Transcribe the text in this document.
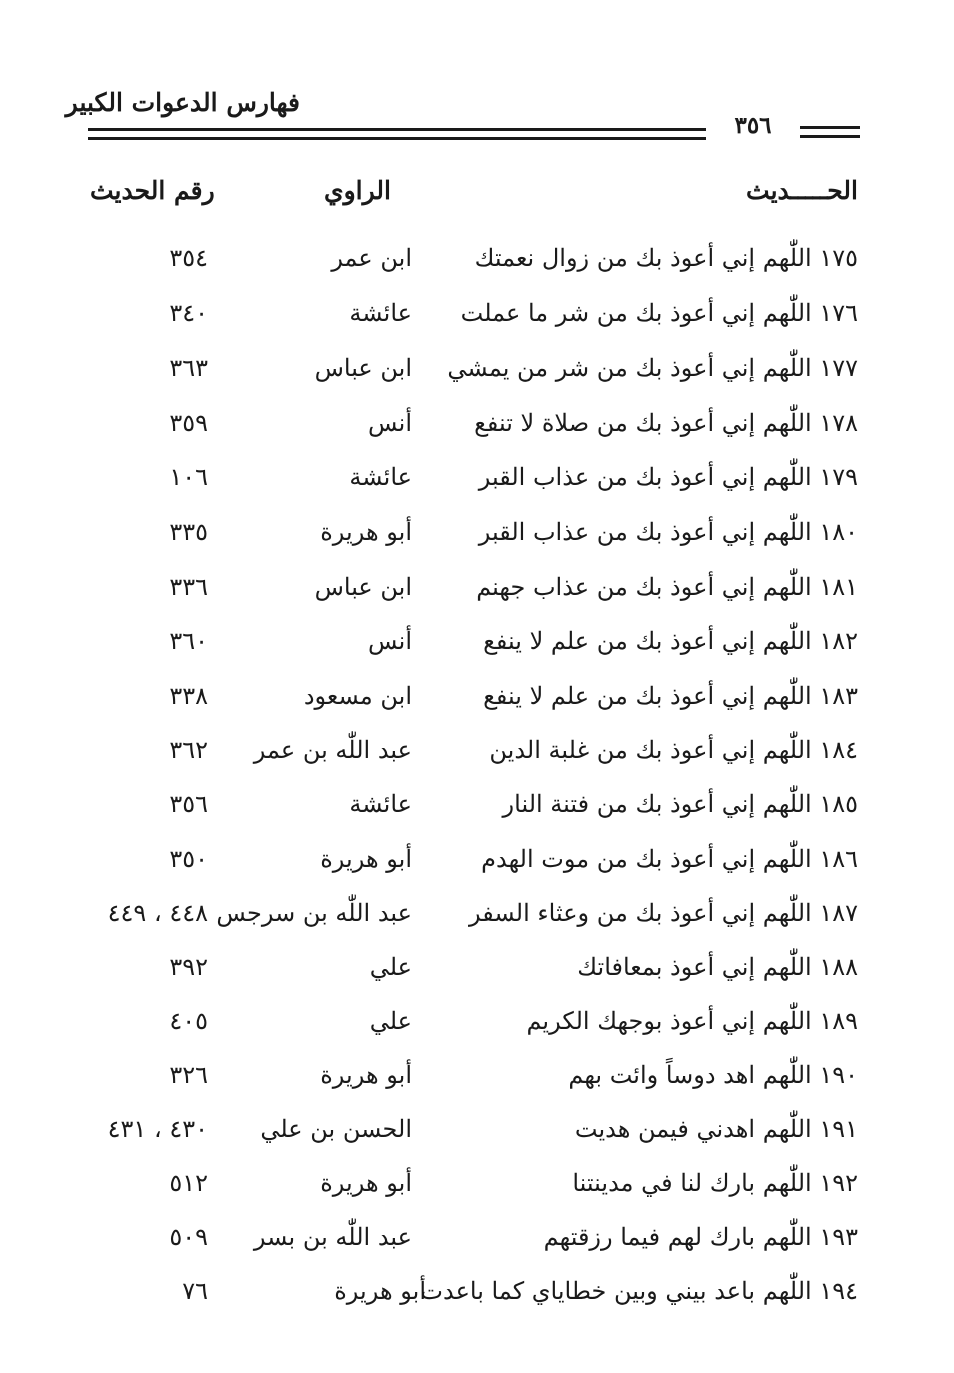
فهارس الدعوات الكبير
٣٥٦
الحـــــديث
الراوي
رقم الحديث
١٧٥ اللّٰهم إني أعوذ بك من زوال نعمتك
ابن عمر
٣٥٤
١٧٦ اللّٰهم إني أعوذ بك من شر ما عملت
عائشة
٣٤٠
١٧٧ اللّٰهم إني أعوذ بك من شر من يمشي
ابن عباس
٣٦٣
١٧٨ اللّٰهم إني أعوذ بك من صلاة لا تنفع
أنس
٣٥٩
١٧٩ اللّٰهم إني أعوذ بك من عذاب القبر
عائشة
١٠٦
١٨٠ اللّٰهم إني أعوذ بك من عذاب القبر
أبو هريرة
٣٣٥
١٨١ اللّٰهم إني أعوذ بك من عذاب جهنم
ابن عباس
٣٣٦
١٨٢ اللّٰهم إني أعوذ بك من علم لا ينفع
أنس
٣٦٠
١٨٣ اللّٰهم إني أعوذ بك من علم لا ينفع
ابن مسعود
٣٣٨
١٨٤ اللّٰهم إني أعوذ بك من غلبة الدين
عبد اللّٰه بن عمر
٣٦٢
١٨٥ اللّٰهم إني أعوذ بك من فتنة النار
عائشة
٣٥٦
١٨٦ اللّٰهم إني أعوذ بك من موت الهدم
أبو هريرة
٣٥٠
١٨٧ اللّٰهم إني أعوذ بك من وعثاء السفر
عبد اللّٰه بن سرجس
٤٤٨ ، ٤٤٩
١٨٨ اللّٰهم إني أعوذ بمعافاتك
علي
٣٩٢
١٨٩ اللّٰهم إني أعوذ بوجهك الكريم
علي
٤٠٥
١٩٠ اللّٰهم اهد دوساً وائت بهم
أبو هريرة
٣٢٦
١٩١ اللّٰهم اهدني فيمن هديت
الحسن بن علي
٤٣٠ ، ٤٣١
١٩٢ اللّٰهم بارك لنا في مدينتنا
أبو هريرة
٥١٢
١٩٣ اللّٰهم بارك لهم فيما رزقتهم
عبد اللّٰه بن بسر
٥٠٩
١٩٤ اللّٰهم باعد بيني وبين خطاياي كما باعدت
أبو هريرة
٧٦
